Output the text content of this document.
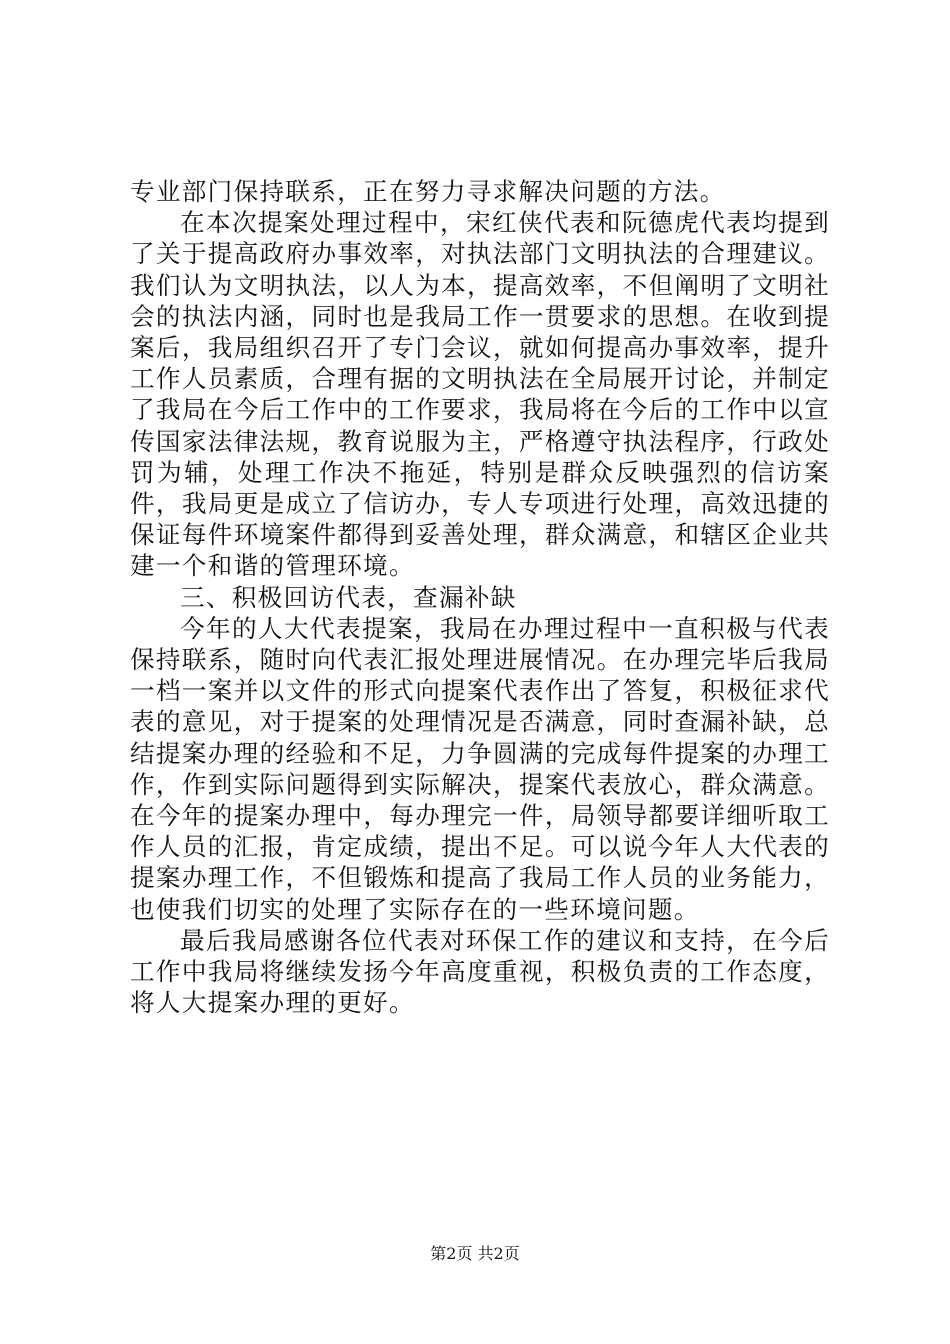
专业部门保持联系，正在努力寻求解决问题的方法。

在本次提案处理过程中，宋红侠代表和阮德虎代表均提到了关于提高政府办事效率，对执法部门文明执法的合理建议。我们认为文明执法，以人为本，提高效率，不但阐明了文明社会的执法内涵，同时也是我局工作一贯要求的思想。在收到提案后，我局组织召开了专门会议，就如何提高办事效率，提升工作人员素质，合理有据的文明执法在全局展开讨论，并制定了我局在今后工作中的工作要求，我局将在今后的工作中以宣传国家法律法规，教育说服为主，严格遵守执法程序，行政处罚为辅，处理工作决不拖延，特别是群众反映强烈的信访案件，我局更是成立了信访办，专人专项进行处理，高效迅捷的保证每件环境案件都得到妥善处理，群众满意，和辖区企业共建一个和谐的管理环境。

三、积极回访代表，查漏补缺

今年的人大代表提案，我局在办理过程中一直积极与代表保持联系，随时向代表汇报处理进展情况。在办理完毕后我局一档一案并以文件的形式向提案代表作出了答复，积极征求代表的意见，对于提案的处理情况是否满意，同时查漏补缺，总结提案办理的经验和不足，力争圆满的完成每件提案的办理工作，作到实际问题得到实际解决，提案代表放心，群众满意。在今年的提案办理中，每办理完一件，局领导都要详细听取工作人员的汇报，肯定成绩，提出不足。可以说今年人大代表的提案办理工作，不但锻炼和提高了我局工作人员的业务能力，也使我们切实的处理了实际存在的一些环境问题。

最后我局感谢各位代表对环保工作的建议和支持，在今后工作中我局将继续发扬今年高度重视，积极负责的工作态度，将人大提案办理的更好。

第2页 共2页
